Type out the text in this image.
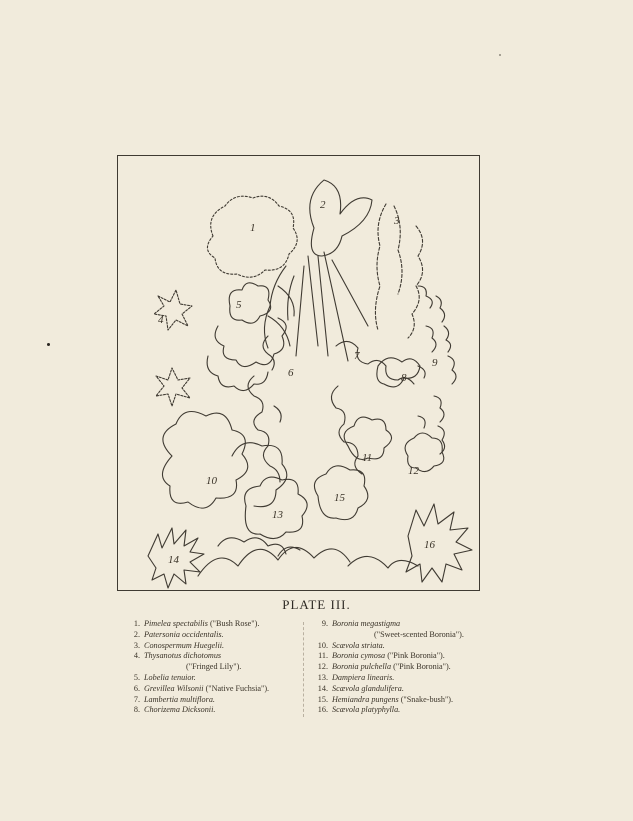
1
2
3
4
5
6
7
8
9
10
11
12
13
14
15
16
PLATE III.
1. Pimelea spectabilis ("Bush Rose").
2. Patersonia occidentalis.
3. Conospermum Huegelii.
4. Thysanotus dichotomus
("Fringed Lily").
5. Lobelia tenuior.
6. Grevillea Wilsonii ("Native Fuchsia").
7. Lambertia multiflora.
8. Chorizema Dicksonii.
9. Boronia megastigma
("Sweet-scented Boronia").
10. Scævola striata.
11. Boronia cymosa ("Pink Boronia").
12. Boronia pulchella ("Pink Boronia").
13. Dampiera linearis.
14. Scævola glandulifera.
15. Hemiandra pungens ("Snake-bush").
16. Scævola platyphylla.
